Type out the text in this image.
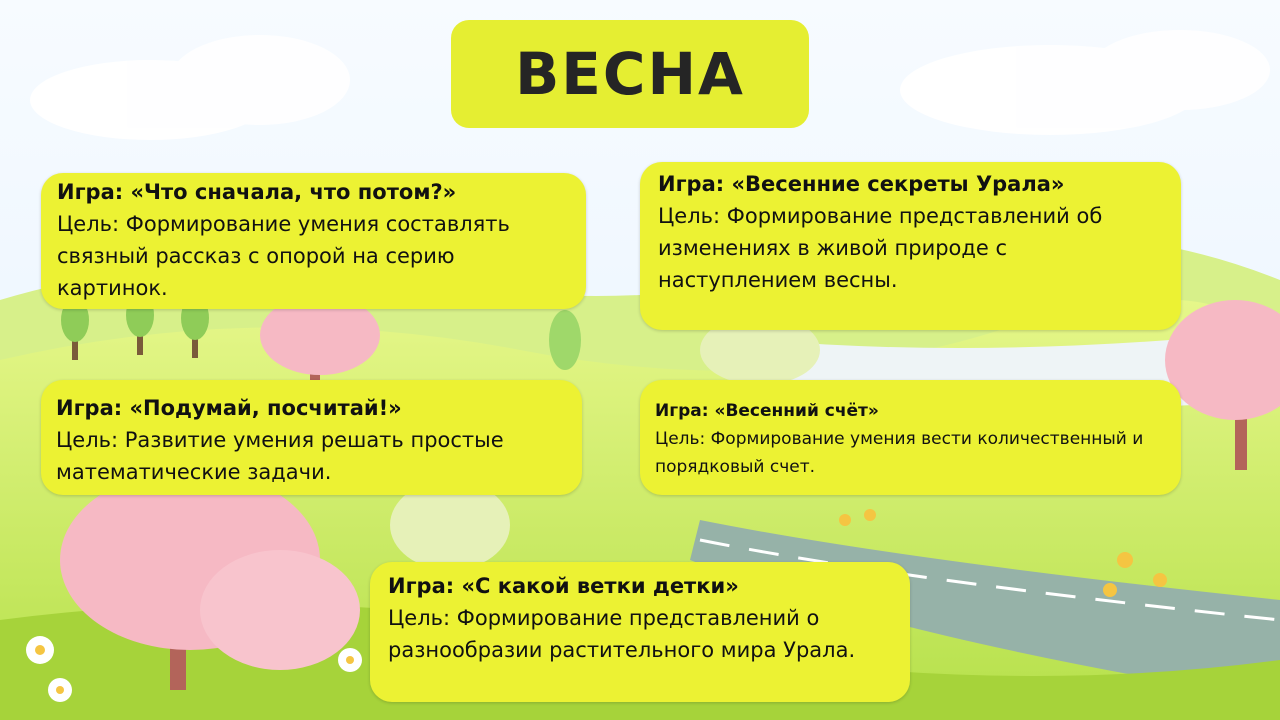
ВЕСНА
Игра: «Что сначала, что потом?»
Цель: Формирование умения составлять связный рассказ с опорой на серию картинок.
Игра: «Весенние секреты Урала»
Цель: Формирование представлений об изменениях в живой природе с наступлением весны.
Игра: «Подумай, посчитай!»
Цель: Развитие умения решать простые математические задачи.
Игра: «Весенний счёт»
Цель: Формирование умения вести количественный и порядковый счет.
Игра: «С какой ветки детки»
Цель: Формирование представлений о разнообразии растительного мира Урала.
